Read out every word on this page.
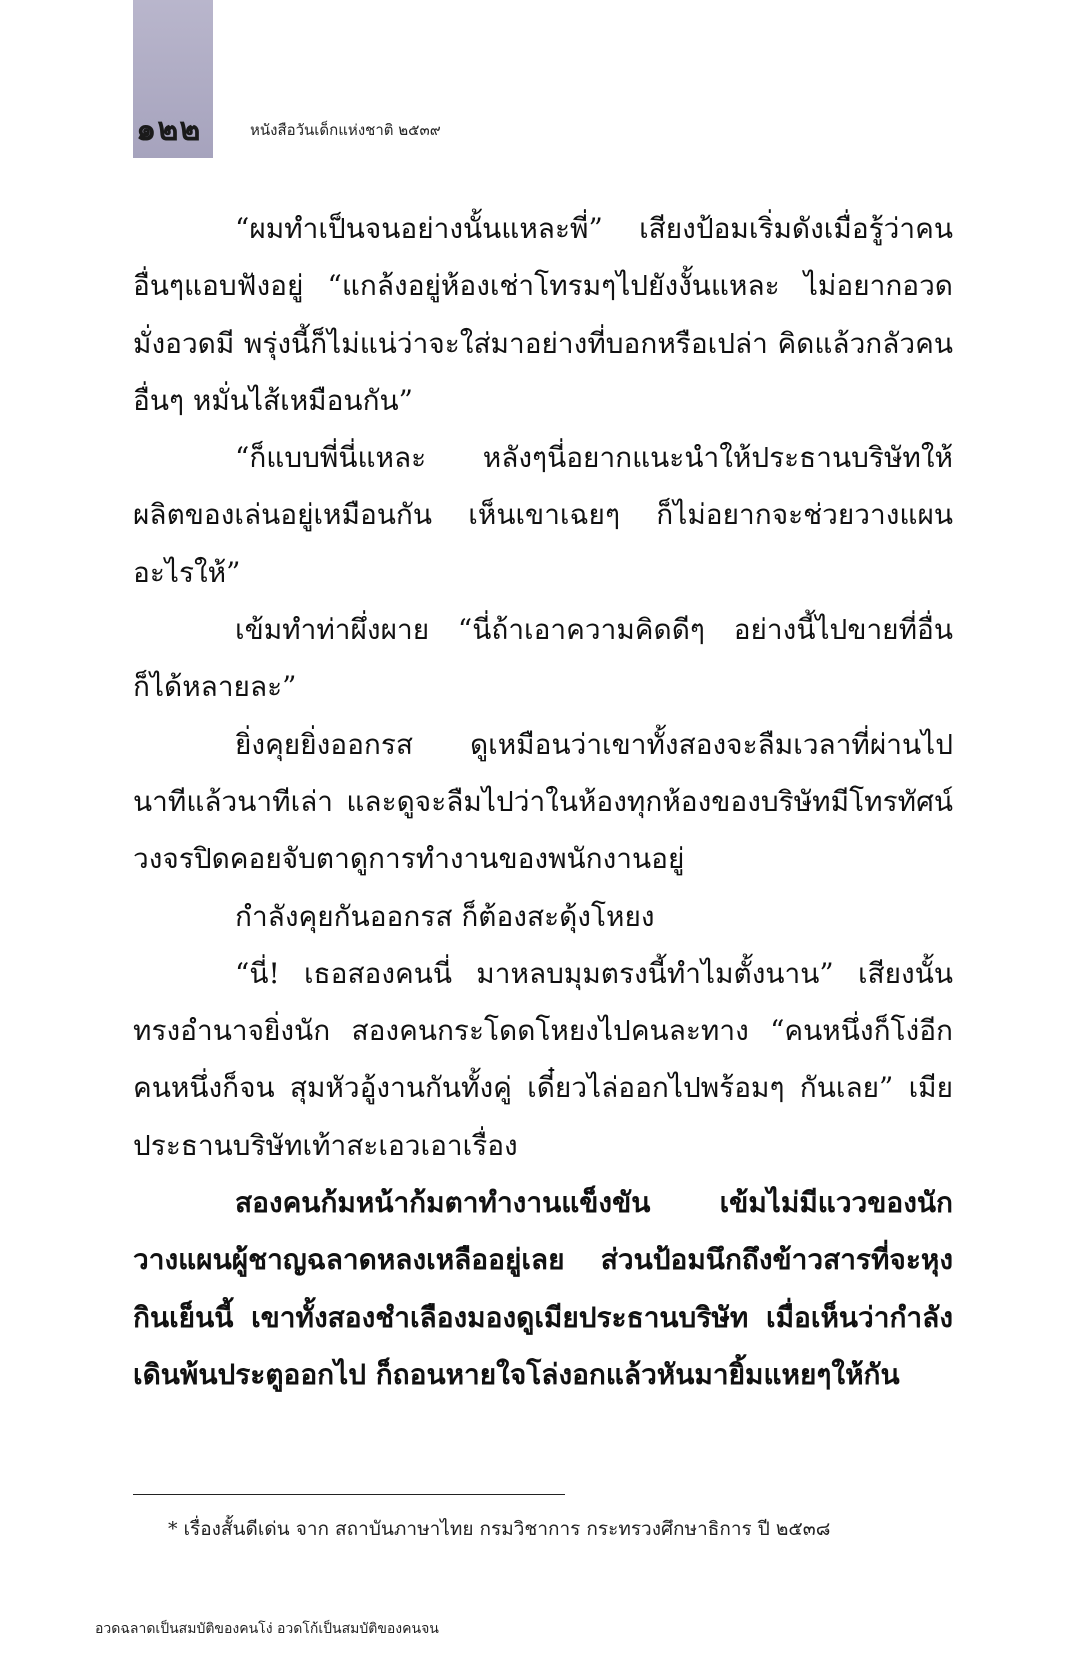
๑๒๒	หนังสือวันเด็กแห่งชาติ ๒๕๓๙

“ผมทำเป็นจนอย่างนั้นแหละพี่” เสียงป้อมเริ่มดังเมื่อรู้ว่าคนอื่นๆแอบฟังอยู่ “แกล้งอยู่ห้องเช่าโทรมๆไปยังงั้นแหละ ไม่อยากอวดมั่งอวดมี พรุ่งนี้ก็ไม่แน่ว่าจะใส่มาอย่างที่บอกหรือเปล่า คิดแล้วกลัวคนอื่นๆ หมั่นไส้เหมือนกัน”

“ก็แบบพี่นี่แหละ หลังๆนี่อยากแนะนำให้ประธานบริษัทให้ผลิตของเล่นอยู่เหมือนกัน เห็นเขาเฉยๆ ก็ไม่อยากจะช่วยวางแผนอะไรให้”

เข้มทำท่าผึ่งผาย “นี่ถ้าเอาความคิดดีๆ อย่างนี้ไปขายที่อื่นก็ได้หลายละ”

ยิ่งคุยยิ่งออกรส ดูเหมือนว่าเขาทั้งสองจะลืมเวลาที่ผ่านไปนาทีแล้วนาทีเล่า และดูจะลืมไปว่าในห้องทุกห้องของบริษัทมีโทรทัศน์วงจรปิดคอยจับตาดูการทำงานของพนักงานอยู่

กำลังคุยกันออกรส ก็ต้องสะดุ้งโหยง

“นี่! เธอสองคนนี่ มาหลบมุมตรงนี้ทำไมตั้งนาน” เสียงนั้นทรงอำนาจยิ่งนัก สองคนกระโดดโหยงไปคนละทาง “คนหนึ่งก็โง่อีกคนหนึ่งก็จน สุมหัวอู้งานกันทั้งคู่ เดี๋ยวไล่ออกไปพร้อมๆ กันเลย” เมียประธานบริษัทเท้าสะเอวเอาเรื่อง

สองคนก้มหน้าก้มตาทำงานแข็งขัน เข้มไม่มีแววของนักวางแผนผู้ชาญฉลาดหลงเหลืออยู่เลย ส่วนป้อมนึกถึงข้าวสารที่จะหุงกินเย็นนี้ เขาทั้งสองชำเลืองมองดูเมียประธานบริษัท เมื่อเห็นว่ากำลังเดินพ้นประตูออกไป ก็ถอนหายใจโล่งอกแล้วหันมายิ้มแหยๆให้กัน

* เรื่องสั้นดีเด่น จาก สถาบันภาษาไทย กรมวิชาการ กระทรวงศึกษาธิการ ปี ๒๕๓๘
อวดฉลาดเป็นสมบัติของคนโง่ อวดโก้เป็นสมบัติของคนจน
